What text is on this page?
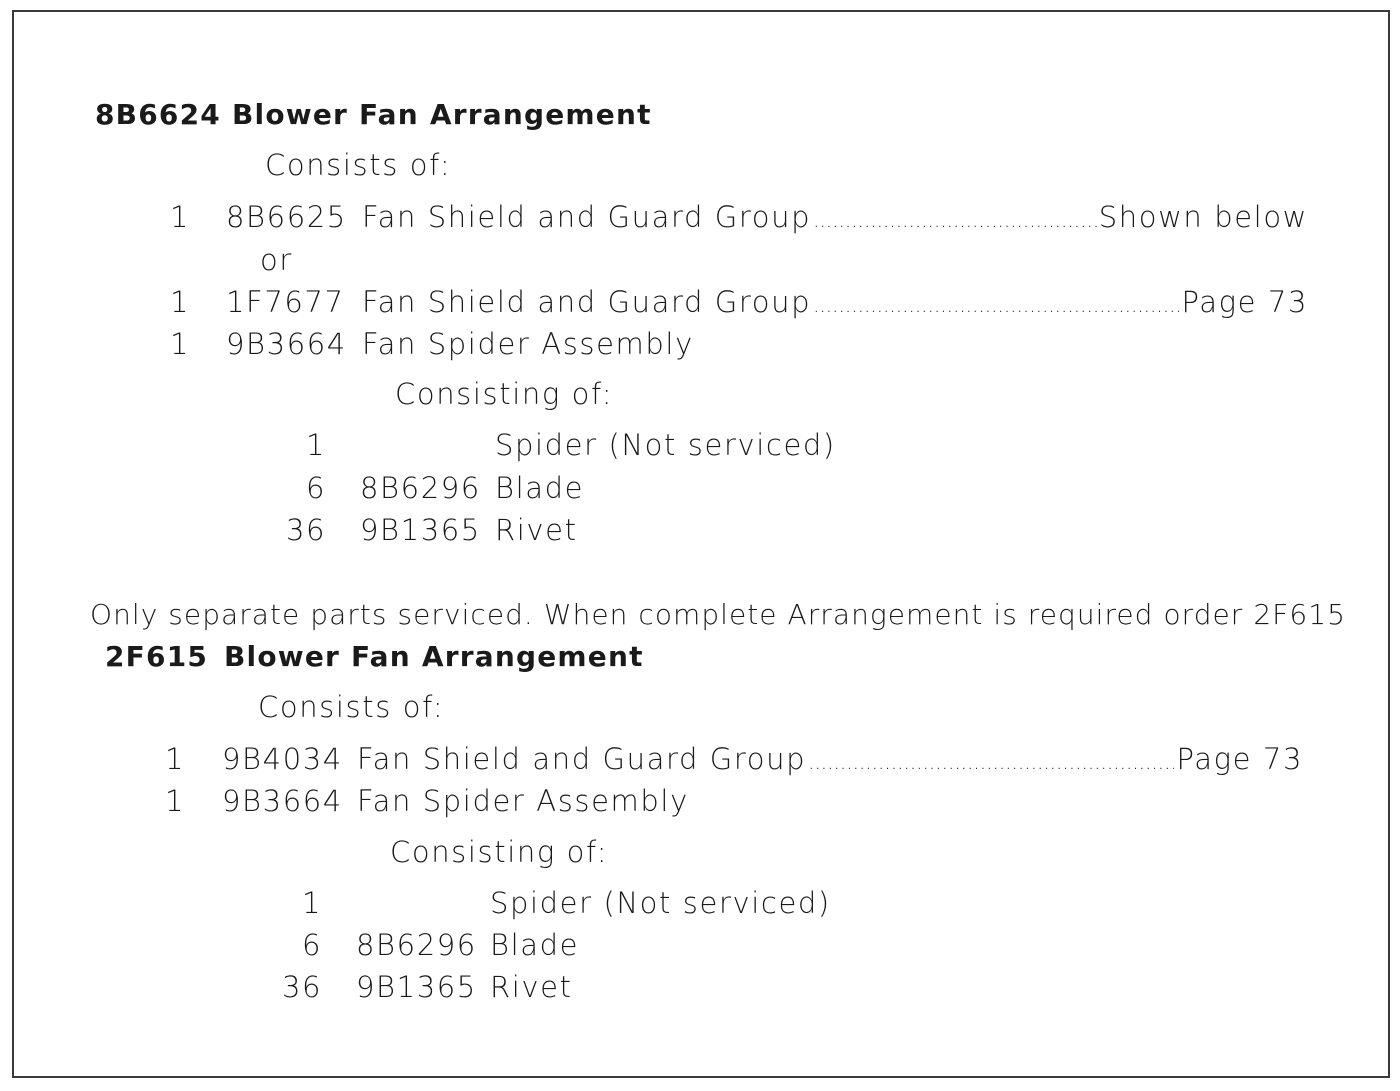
8B6624 Blower Fan Arrangement
Consists of:
1 8B6625 Fan Shield and Guard Group .....	Shown below
or
1 1F7677 Fan Shield and Guard Group .....	Page 73
1 9B3664 Fan Spider Assembly
Consisting of:
1	Spider (Not serviced)
6 8B6296 Blade
36 9B1365 Rivet
Only separate parts serviced. When complete Arrangement is required order 2F615
2F615 Blower Fan Arrangement
Consists of:
1 9B4034 Fan Shield and Guard Group .....	Page 73
1 9B3664 Fan Spider Assembly
Consisting of:
1	Spider (Not serviced)
6 8B6296 Blade
36 9B1365 Rivet
